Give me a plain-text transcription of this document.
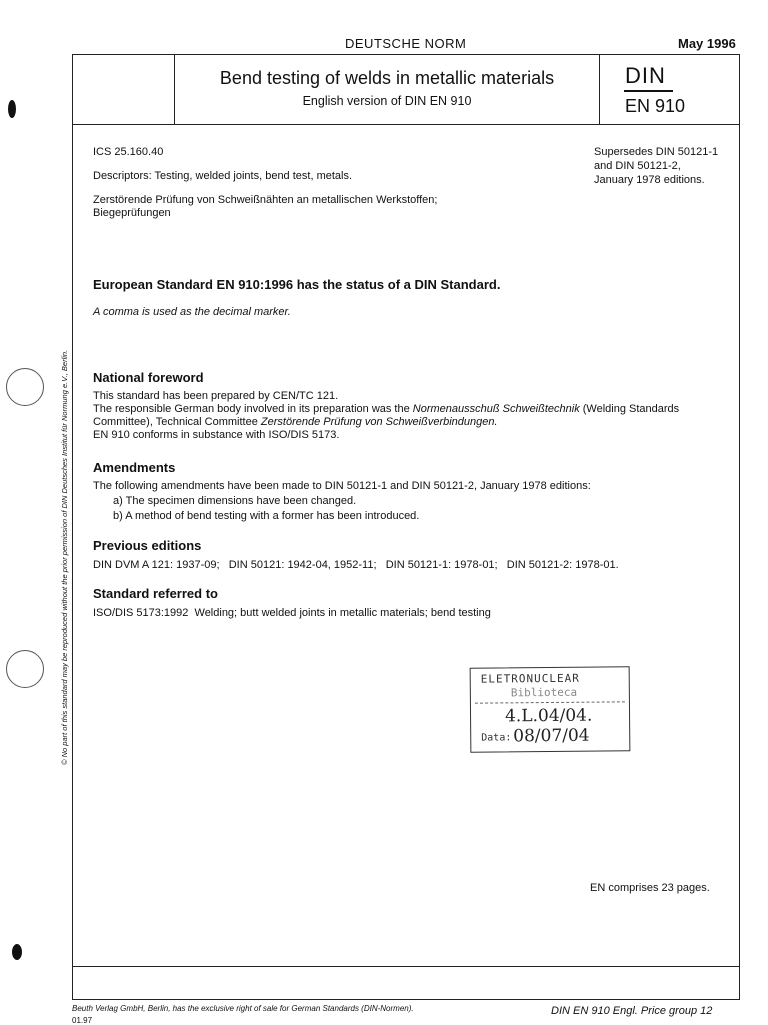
DEUTSCHE NORM	May 1996
Bend testing of welds in metallic materials
English version of DIN EN 910
DIN
EN 910
ICS 25.160.40
Descriptors: Testing, welded joints, bend test, metals.
Zerstörende Prüfung von Schweißnähten an metallischen Werkstoffen;
Biegeprüfungen
Supersedes DIN 50121-1
and DIN 50121-2,
January 1978 editions.
European Standard EN 910:1996 has the status of a DIN Standard.
A comma is used as the decimal marker.
National foreword
This standard has been prepared by CEN/TC 121.
The responsible German body involved in its preparation was the Normenausschuß Schweißtechnik (Welding Standards
Committee), Technical Committee Zerstörende Prüfung von Schweißverbindungen.
EN 910 conforms in substance with ISO/DIS 5173.
Amendments
The following amendments have been made to DIN 50121-1 and DIN 50121-2, January 1978 editions:
a) The specimen dimensions have been changed.
b) A method of bend testing with a former has been introduced.
Previous editions
DIN DVM A 121: 1937-09;   DIN 50121: 1942-04, 1952-11;   DIN 50121-1: 1978-01;   DIN 50121-2: 1978-01.
Standard referred to
ISO/DIS 5173:1992  Welding; butt welded joints in metallic materials; bend testing
ELETRONUCLEAR
Biblioteca
4.L.04/04.
Data: 08/07/04
EN comprises 23 pages.
© No part of this standard may be reproduced without the prior permission of DIN Deutsches Institut für Normung e.V., Berlin.
Beuth Verlag GmbH, Berlin, has the exclusive right of sale for German Standards (DIN-Normen).
01.97
DIN EN 910 Engl. Price group 12
